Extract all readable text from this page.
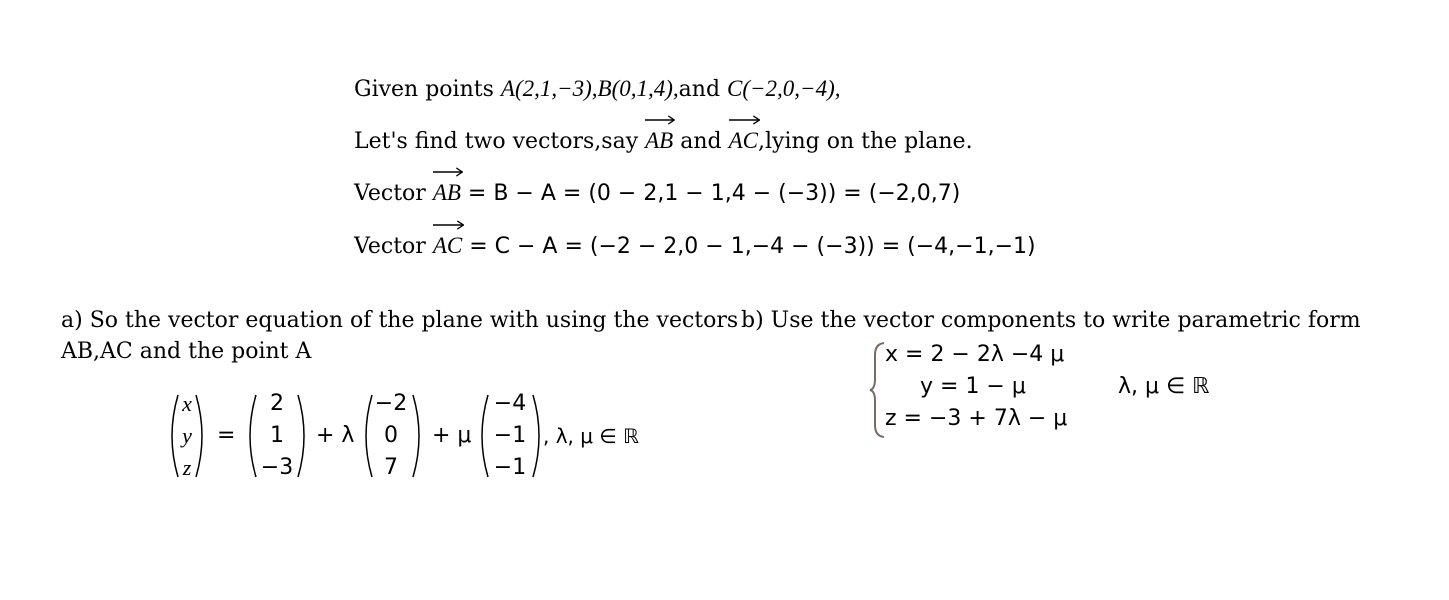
Given points A(2,1,−3),B(0,1,4),and C(−2,0,−4),
Let's find two vectors,say AB
and AC
,lying on the plane.
Vector AB
= B − A = (0 − 2,1 − 1,4 − (−3)) = (−2,0,7)
Vector AC
= C − A = (−2 − 2,0 − 1,−4 − (−3)) = (−4,−1,−1)
a) So the vector equation of the plane with using the vectors
AB,AC and the point A
x
y
z
=
2
1
−3
+ λ
−2
0
7
+ μ
−4
−1
−1
, λ, μ ∈ ℝ
b) Use the vector components to write parametric form
x = 2 − 2λ −4 μ
y = 1 − μ
z = −3 + 7λ − μ
λ, μ ∈ ℝ
